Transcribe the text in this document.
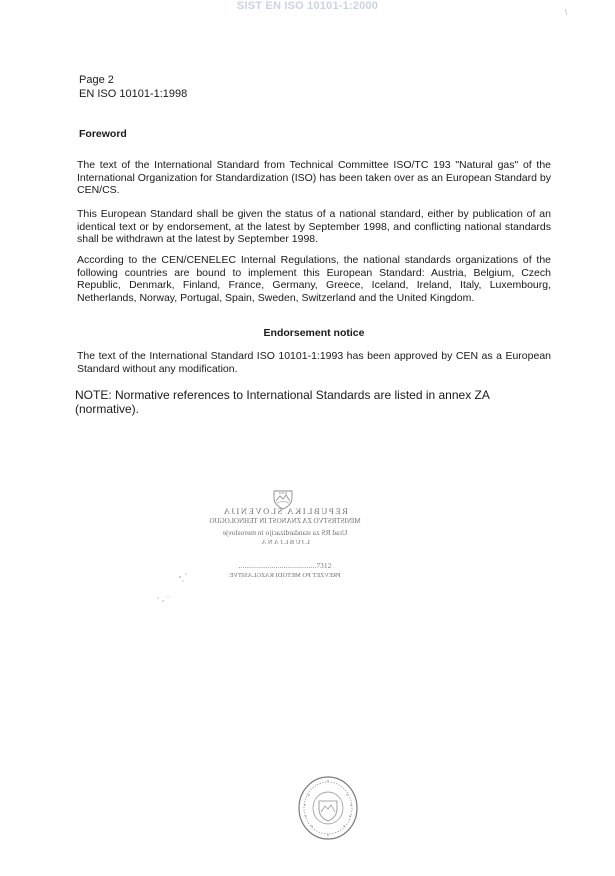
SIST EN ISO 10101-1:2000
\
Page 2
EN ISO 10101-1:1998
Foreword

The text of the International Standard from Technical Committee ISO/TC 193 "Natural gas" of the International Organization for Standardization (ISO) has been taken over as an European Standard by CEN/CS.

This European Standard shall be given the status of a national standard, either by publication of an identical text or by endorsement, at the latest by September 1998, and conflicting national standards shall be withdrawn at the latest by September 1998.

According to the CEN/CENELEC Internal Regulations, the national standards organizations of the following countries are bound to implement this European Standard: Austria, Belgium, Czech Republic, Denmark, Finland, France, Germany, Greece, Iceland, Ireland, Italy, Luxembourg, Netherlands, Norway, Portugal, Spain, Sweden, Switzerland and the United Kingdom.

Endorsement notice

The text of the International Standard ISO 10101-1:1993 has been approved by CEN as a European Standard without any modification.

NOTE: Normative references to International Standards are listed in annex ZA (normative).

REPUBLIKA SLOVENIJA
MINISTRSTVO ZA ZNANOST IN TEHNOLOGIJO
Urad RS za standardizacijo in meroslovje
LJUBLJANA
........................................7312
PREVZET PO METODI RAZGLASITVE
